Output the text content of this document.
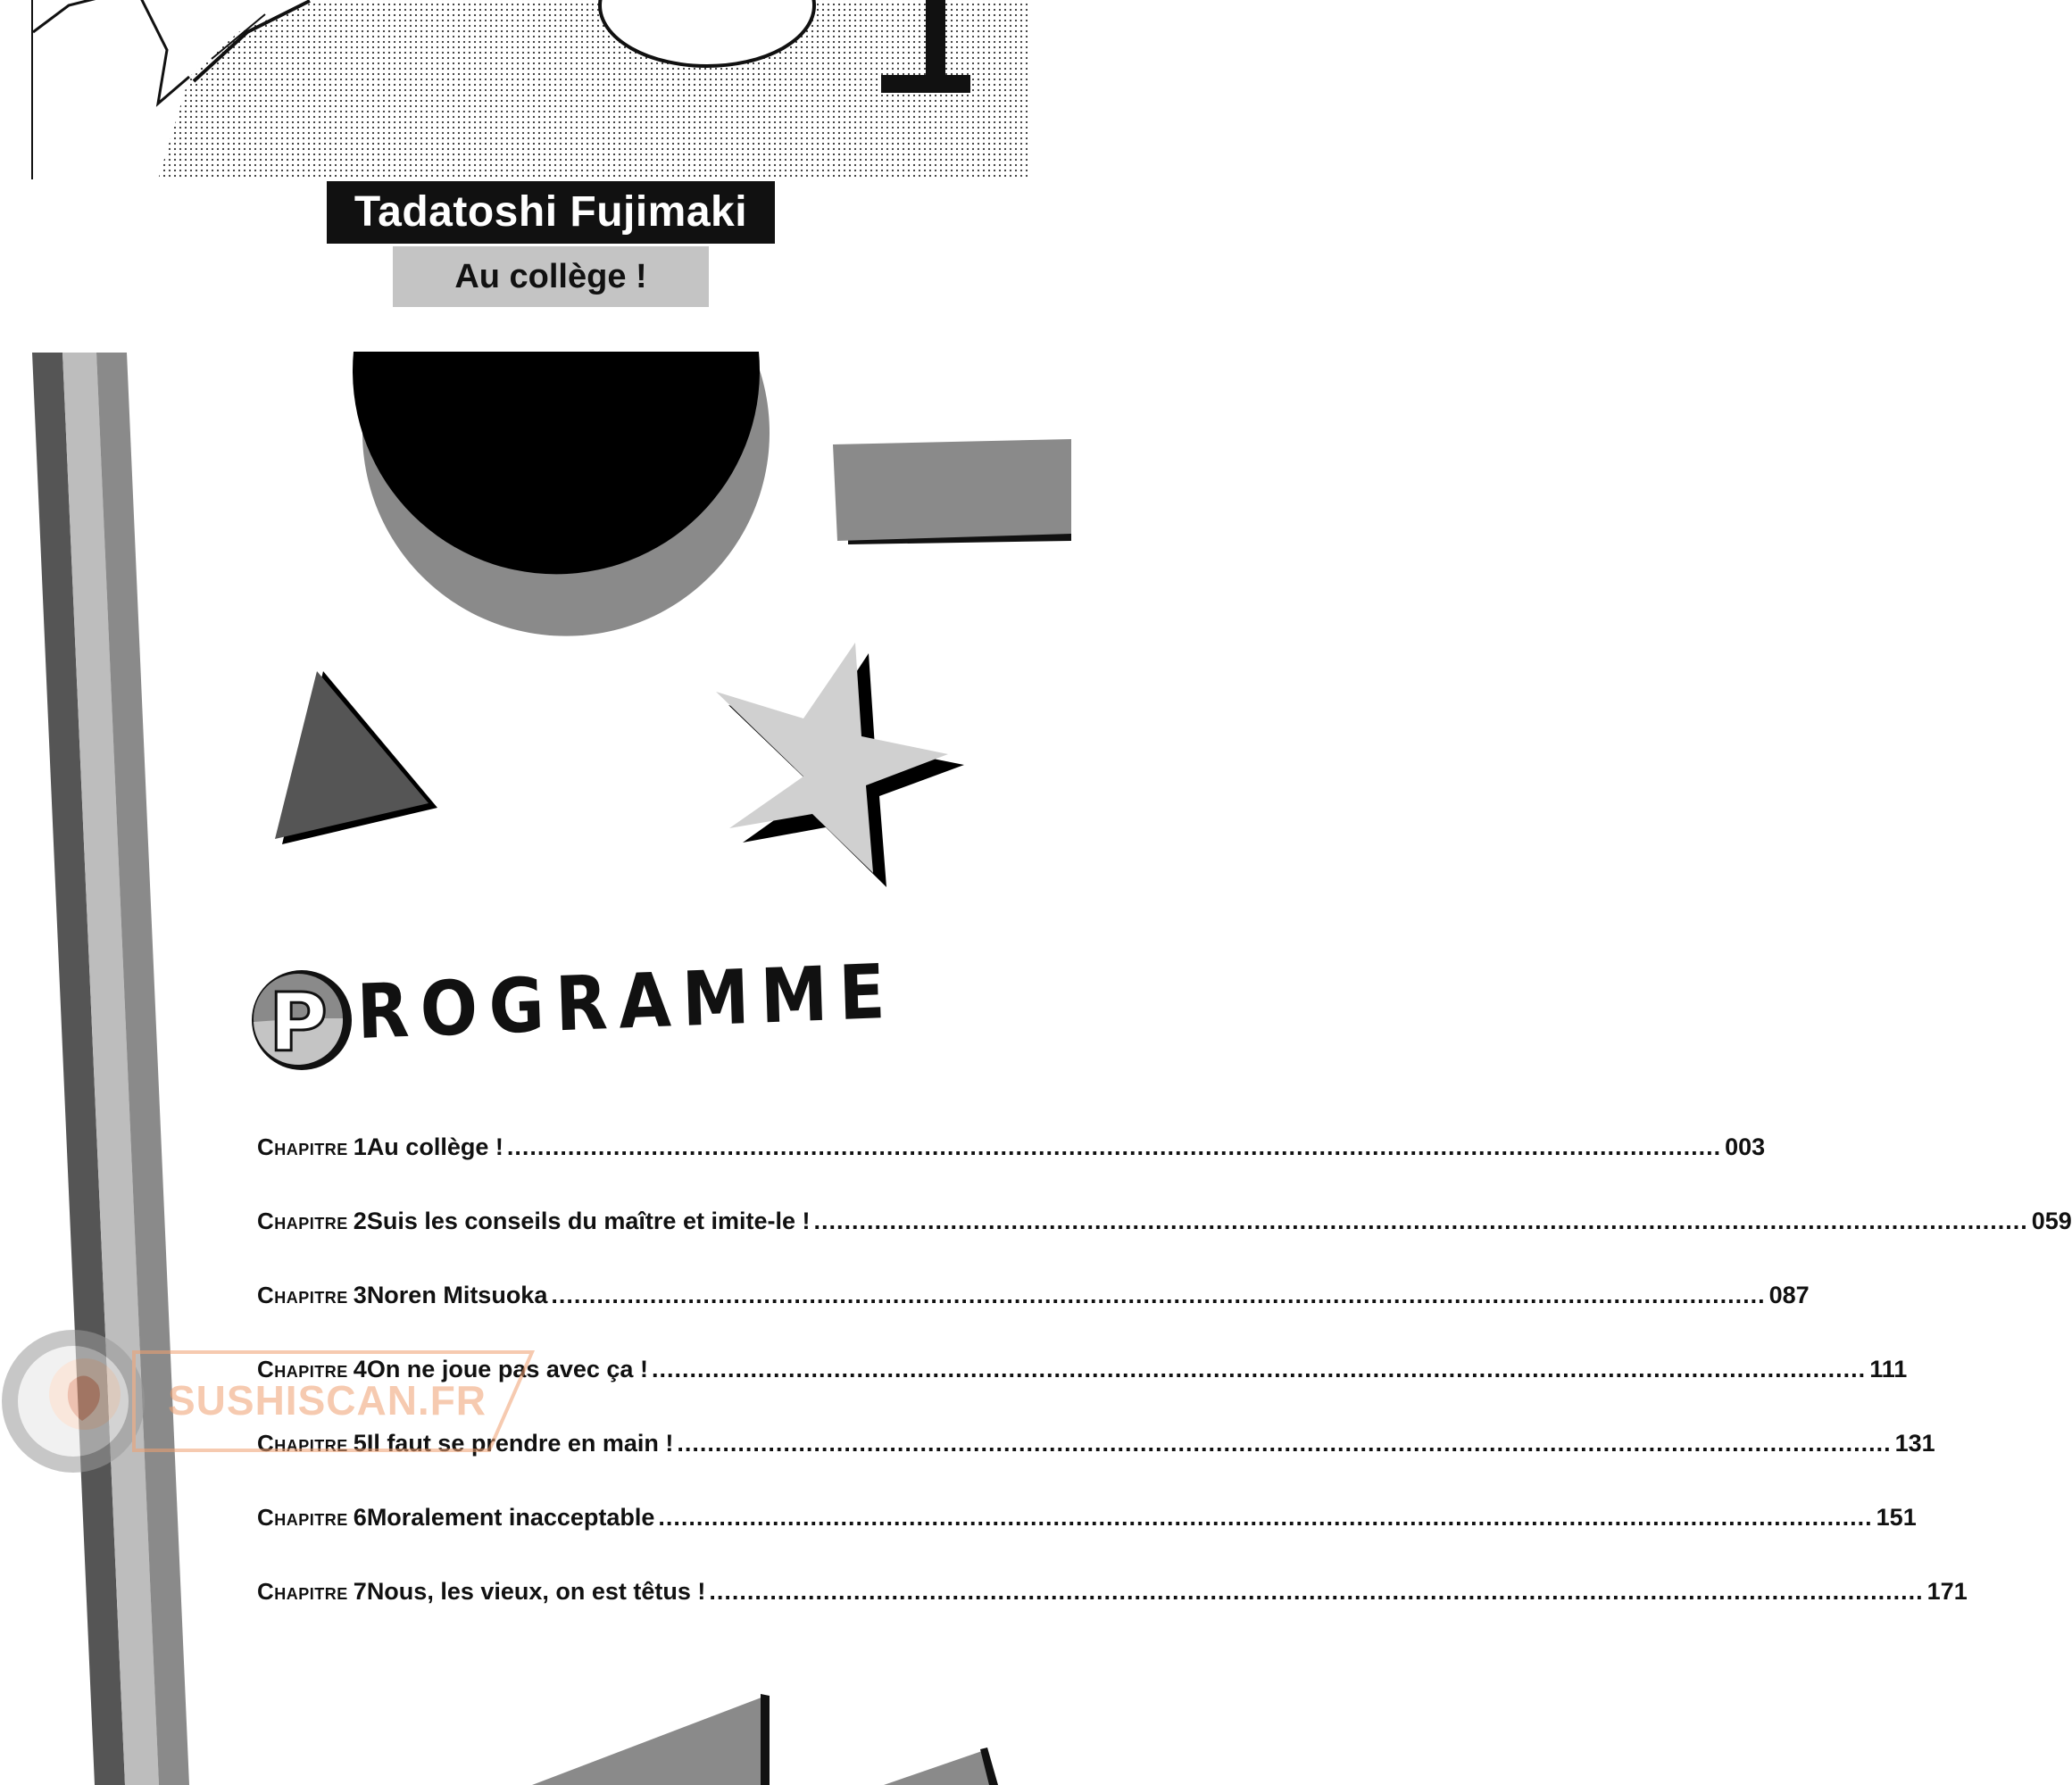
Tadatoshi Fujimaki
Au collège !
P ROGRAMME
Chapitre 1 Au collège ! .....	003
Chapitre 2 Suis les conseils du maître et imite-le ! .....	059
Chapitre 3 Noren Mitsuoka .....	087
Chapitre 4 On ne joue pas avec ça ! .....	111
Chapitre 5 Il faut se prendre en main ! .....	131
Chapitre 6 Moralement inacceptable .....	151
Chapitre 7 Nous, les vieux, on est têtus ! .....	171
SUSHISCAN.FR
